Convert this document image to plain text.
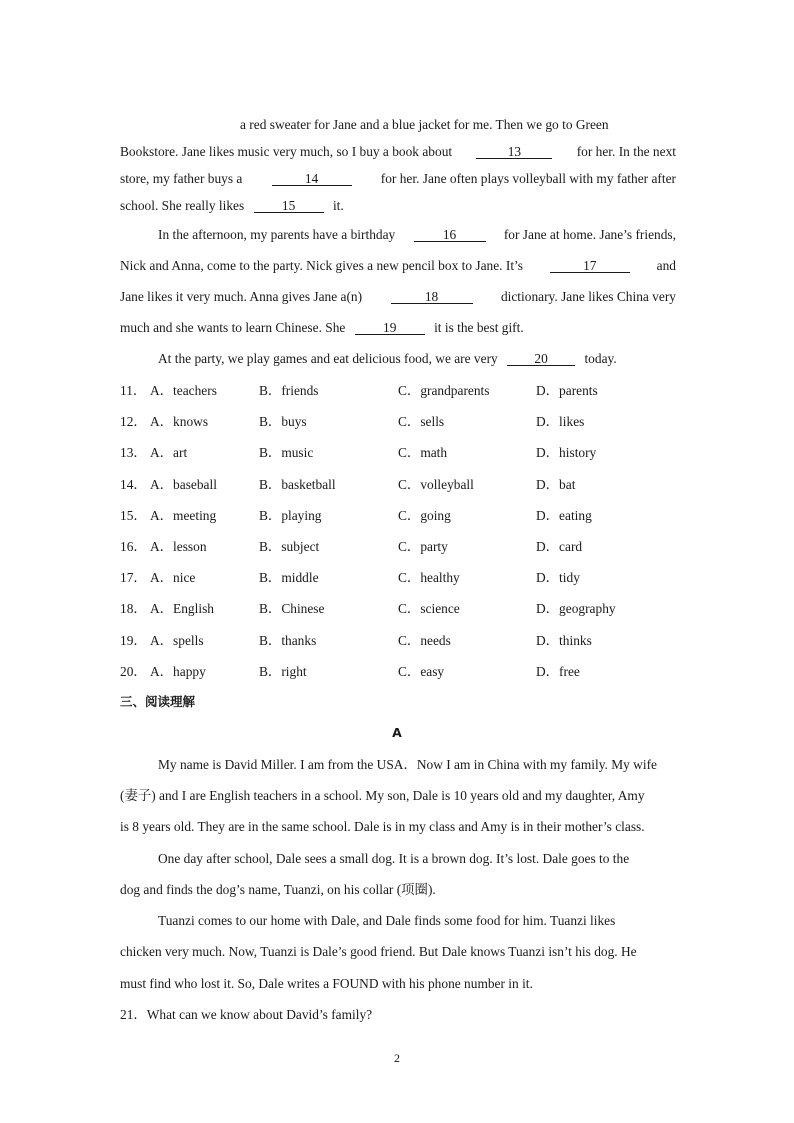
a red sweater for Jane and a blue jacket for me. Then we go to Green
Bookstore. Jane likes music very much, so I buy a book about	13	for her. In the next
store, my father buys a	14	for her. Jane often plays volleyball with my father after
school. She really likes	15	it.
In the afternoon, my parents have a birthday	16	for Jane at home. Jane’s friends,
Nick and Anna, come to the party. Nick gives a new pencil box to Jane. It’s	17	and
Jane likes it very much. Anna gives Jane a(n)	18	dictionary. Jane likes China very
much and she wants to learn Chinese. She	19	it is the best gift.
At the party, we play games and eat delicious food, we are very	20	today.
11． A．teachers	B．friends	C．grandparents	D．parents
12． A．knows	B．buys	C．sells	D．likes
13． A．art	B．music	C．math	D．history
14． A．baseball	B．basketball	C．volleyball	D．bat
15． A．meeting	B．playing	C．going	D．eating
16． A．lesson	B．subject	C．party	D．card
17． A．nice	B．middle	C．healthy	D．tidy
18． A．English	B．Chinese	C．science	D．geography
19． A．spells	B．thanks	C．needs	D．thinks
20． A．happy	B．right	C．easy	D．free
三、阅读理解
A
My name is David Miller. I am from the USA．Now I am in China with my family. My wife
(妻子) and I are English teachers in a school. My son, Dale is 10 years old and my daughter, Amy
is 8 years old. They are in the same school. Dale is in my class and Amy is in their mother’s class.
One day after school, Dale sees a small dog. It is a brown dog. It’s lost. Dale goes to the
dog and finds the dog’s name, Tuanzi, on his collar (项圈).
Tuanzi comes to our home with Dale, and Dale finds some food for him. Tuanzi likes
chicken very much. Now, Tuanzi is Dale’s good friend. But Dale knows Tuanzi isn’t his dog. He
must find who lost it. So, Dale writes a FOUND with his phone number in it.
21．What can we know about David’s family?
2
